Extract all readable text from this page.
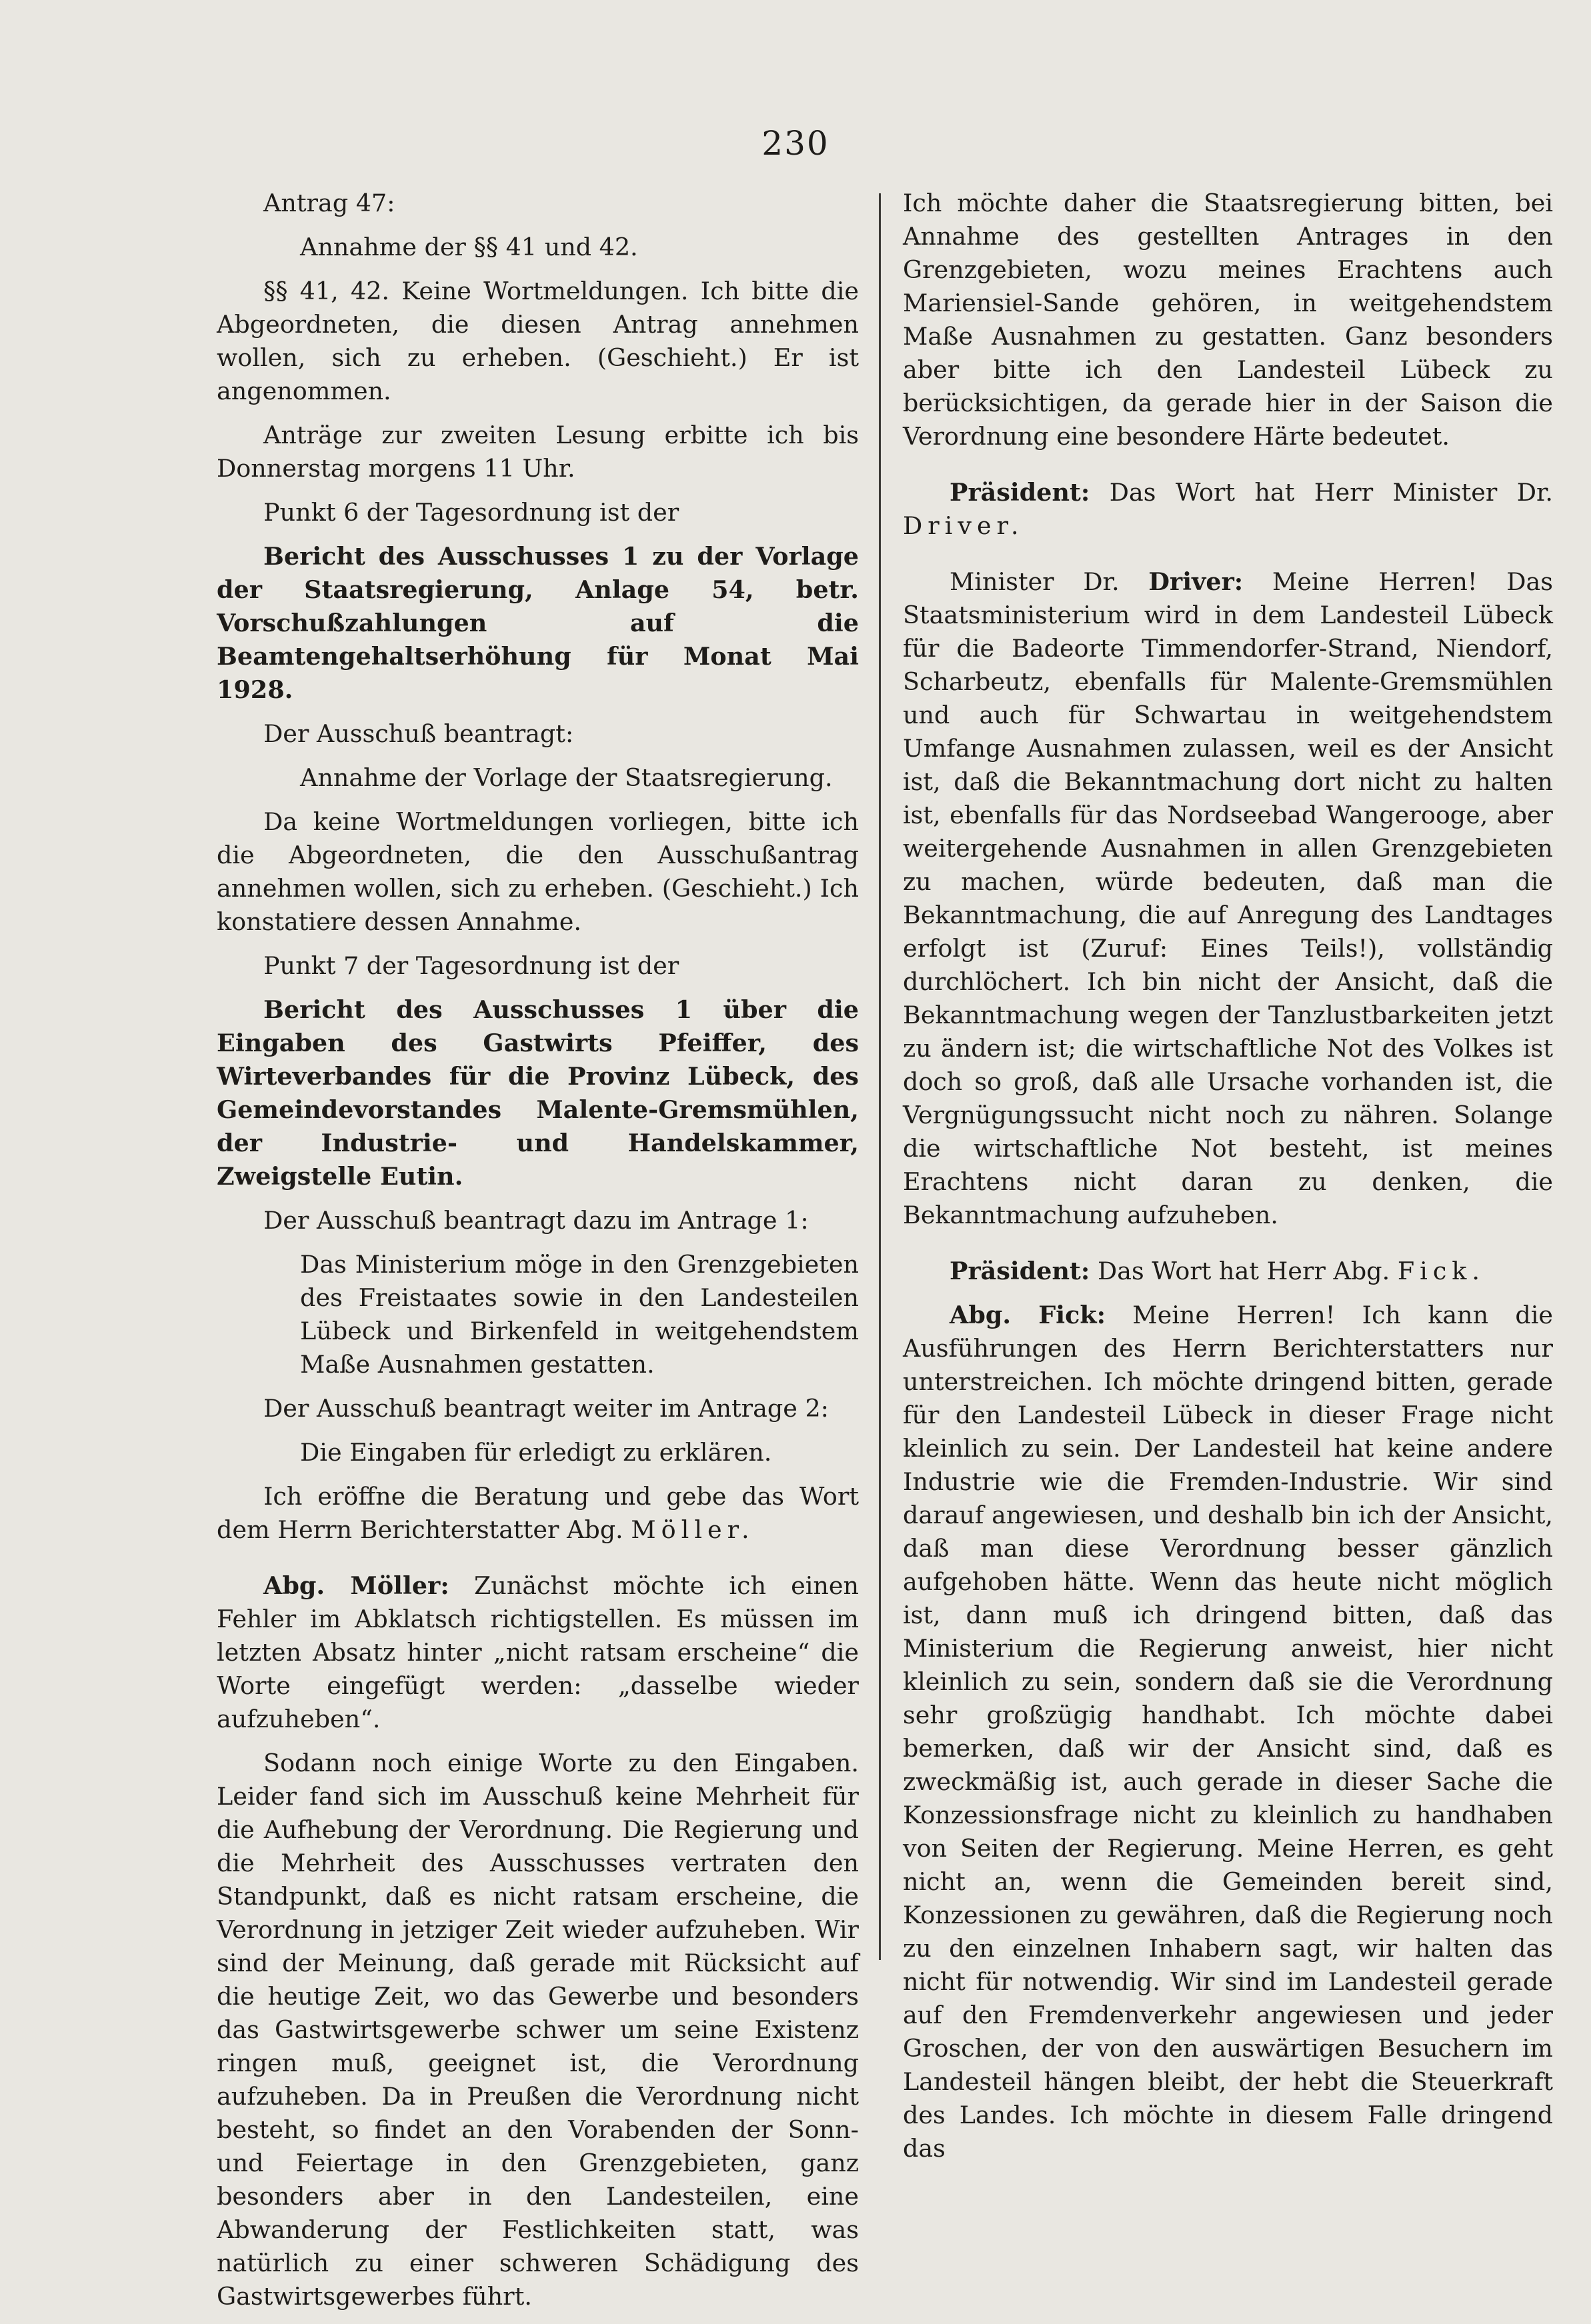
230

Antrag 47:

Annahme der §§ 41 und 42.

§§ 41, 42. Keine Wortmeldungen. Ich bitte die Abgeordneten, die diesen Antrag annehmen wollen, sich zu erheben. (Geschieht.) Er ist angenommen.

Anträge zur zweiten Lesung erbitte ich bis Donnerstag morgens 11 Uhr.

Punkt 6 der Tagesordnung ist der

Bericht des Ausschusses 1 zu der Vorlage der Staatsregierung, Anlage 54, betr. Vorschußzahlungen auf die Beamtengehaltserhöhung für Monat Mai 1928.

Der Ausschuß beantragt:

Annahme der Vorlage der Staatsregierung.

Da keine Wortmeldungen vorliegen, bitte ich die Abgeordneten, die den Ausschußantrag annehmen wollen, sich zu erheben. (Geschieht.) Ich konstatiere dessen Annahme.

Punkt 7 der Tagesordnung ist der

Bericht des Ausschusses 1 über die Eingaben des Gastwirts Pfeiffer, des Wirteverbandes für die Provinz Lübeck, des Gemeindevorstandes Malente-Gremsmühlen, der Industrie- und Handelskammer, Zweigstelle Eutin.

Der Ausschuß beantragt dazu im Antrage 1:

Das Ministerium möge in den Grenzgebieten des Freistaates sowie in den Landesteilen Lübeck und Birkenfeld in weitgehendstem Maße Ausnahmen gestatten.

Der Ausschuß beantragt weiter im Antrage 2:

Die Eingaben für erledigt zu erklären.

Ich eröffne die Beratung und gebe das Wort dem Herrn Berichterstatter Abg. Möller.

Abg. Möller: Zunächst möchte ich einen Fehler im Abklatsch richtigstellen. Es müssen im letzten Absatz hinter „nicht ratsam erscheine“ die Worte eingefügt werden: „dasselbe wieder aufzuheben“.

Sodann noch einige Worte zu den Eingaben. Leider fand sich im Ausschuß keine Mehrheit für die Aufhebung der Verordnung. Die Regierung und die Mehrheit des Ausschusses vertraten den Standpunkt, daß es nicht ratsam erscheine, die Verordnung in jetziger Zeit wieder aufzuheben. Wir sind der Meinung, daß gerade mit Rücksicht auf die heutige Zeit, wo das Gewerbe und besonders das Gastwirtsgewerbe schwer um seine Existenz ringen muß, geeignet ist, die Verordnung aufzuheben. Da in Preußen die Verordnung nicht besteht, so findet an den Vorabenden der Sonn- und Feiertage in den Grenzgebieten, ganz besonders aber in den Landesteilen, eine Abwanderung der Festlichkeiten statt, was natürlich zu einer schweren Schädigung des Gastwirtsgewerbes führt.

Ich möchte daher die Staatsregierung bitten, bei Annahme des gestellten Antrages in den Grenzgebieten, wozu meines Erachtens auch Mariensiel-Sande gehören, in weitgehendstem Maße Ausnahmen zu gestatten. Ganz besonders aber bitte ich den Landesteil Lübeck zu berücksichtigen, da gerade hier in der Saison die Verordnung eine besondere Härte bedeutet.

Präsident: Das Wort hat Herr Minister Dr. Driver.

Minister Dr. Driver: Meine Herren! Das Staatsministerium wird in dem Landesteil Lübeck für die Badeorte Timmendorfer-Strand, Niendorf, Scharbeutz, ebenfalls für Malente-Gremsmühlen und auch für Schwartau in weitgehendstem Umfange Ausnahmen zulassen, weil es der Ansicht ist, daß die Bekanntmachung dort nicht zu halten ist, ebenfalls für das Nordseebad Wangerooge, aber weitergehende Ausnahmen in allen Grenzgebieten zu machen, würde bedeuten, daß man die Bekanntmachung, die auf Anregung des Landtages erfolgt ist (Zuruf: Eines Teils!), vollständig durchlöchert. Ich bin nicht der Ansicht, daß die Bekanntmachung wegen der Tanzlustbarkeiten jetzt zu ändern ist; die wirtschaftliche Not des Volkes ist doch so groß, daß alle Ursache vorhanden ist, die Vergnügungssucht nicht noch zu nähren. Solange die wirtschaftliche Not besteht, ist meines Erachtens nicht daran zu denken, die Bekanntmachung aufzuheben.

Präsident: Das Wort hat Herr Abg. Fick.

Abg. Fick: Meine Herren! Ich kann die Ausführungen des Herrn Berichterstatters nur unterstreichen. Ich möchte dringend bitten, gerade für den Landesteil Lübeck in dieser Frage nicht kleinlich zu sein. Der Landesteil hat keine andere Industrie wie die Fremden-Industrie. Wir sind darauf angewiesen, und deshalb bin ich der Ansicht, daß man diese Verordnung besser gänzlich aufgehoben hätte. Wenn das heute nicht möglich ist, dann muß ich dringend bitten, daß das Ministerium die Regierung anweist, hier nicht kleinlich zu sein, sondern daß sie die Verordnung sehr großzügig handhabt. Ich möchte dabei bemerken, daß wir der Ansicht sind, daß es zweckmäßig ist, auch gerade in dieser Sache die Konzessionsfrage nicht zu kleinlich zu handhaben von Seiten der Regierung. Meine Herren, es geht nicht an, wenn die Gemeinden bereit sind, Konzessionen zu gewähren, daß die Regierung noch zu den einzelnen Inhabern sagt, wir halten das nicht für notwendig. Wir sind im Landesteil gerade auf den Fremdenverkehr angewiesen und jeder Groschen, der von den auswärtigen Besuchern im Landesteil hängen bleibt, der hebt die Steuerkraft des Landes. Ich möchte in diesem Falle dringend das
